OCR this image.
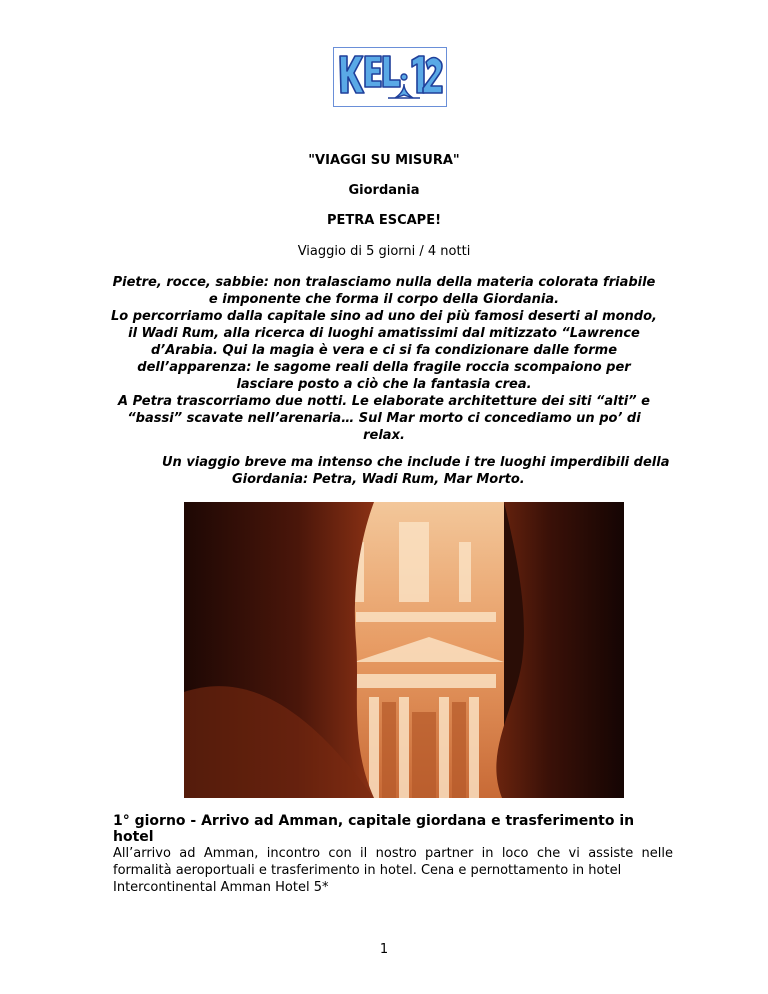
"VIAGGI SU MISURA"
Giordania
PETRA ESCAPE!
Viaggio di 5 giorni / 4 notti

Pietre, rocce, sabbie: non tralasciamo nulla della materia colorata friabile e imponente che forma il corpo della Giordania.

Lo percorriamo dalla capitale sino ad uno dei più famosi deserti al mondo, il Wadi Rum, alla ricerca di luoghi amatissimi dal mitizzato “Lawrence d’Arabia. Qui la magia è vera e ci si fa condizionare dalle forme dell’apparenza: le sagome reali della fragile roccia scompaiono per lasciare posto a ciò che la fantasia crea.

A Petra trascorriamo due notti. Le elaborate architetture dei siti “alti” e “bassi” scavate nell’arenaria… Sul Mar morto ci concediamo un po’ di relax.

Un viaggio breve ma intenso che include i tre luoghi imperdibili della
Giordania: Petra, Wadi Rum, Mar Morto.
1° giorno - Arrivo ad Amman, capitale giordana e trasferimento in hotel
All’arrivo ad Amman, incontro con il nostro partner in loco che vi assiste nelle
formalità aeroportuali e trasferimento in hotel. Cena e pernottamento in hotel
Intercontinental Amman Hotel 5*
1
